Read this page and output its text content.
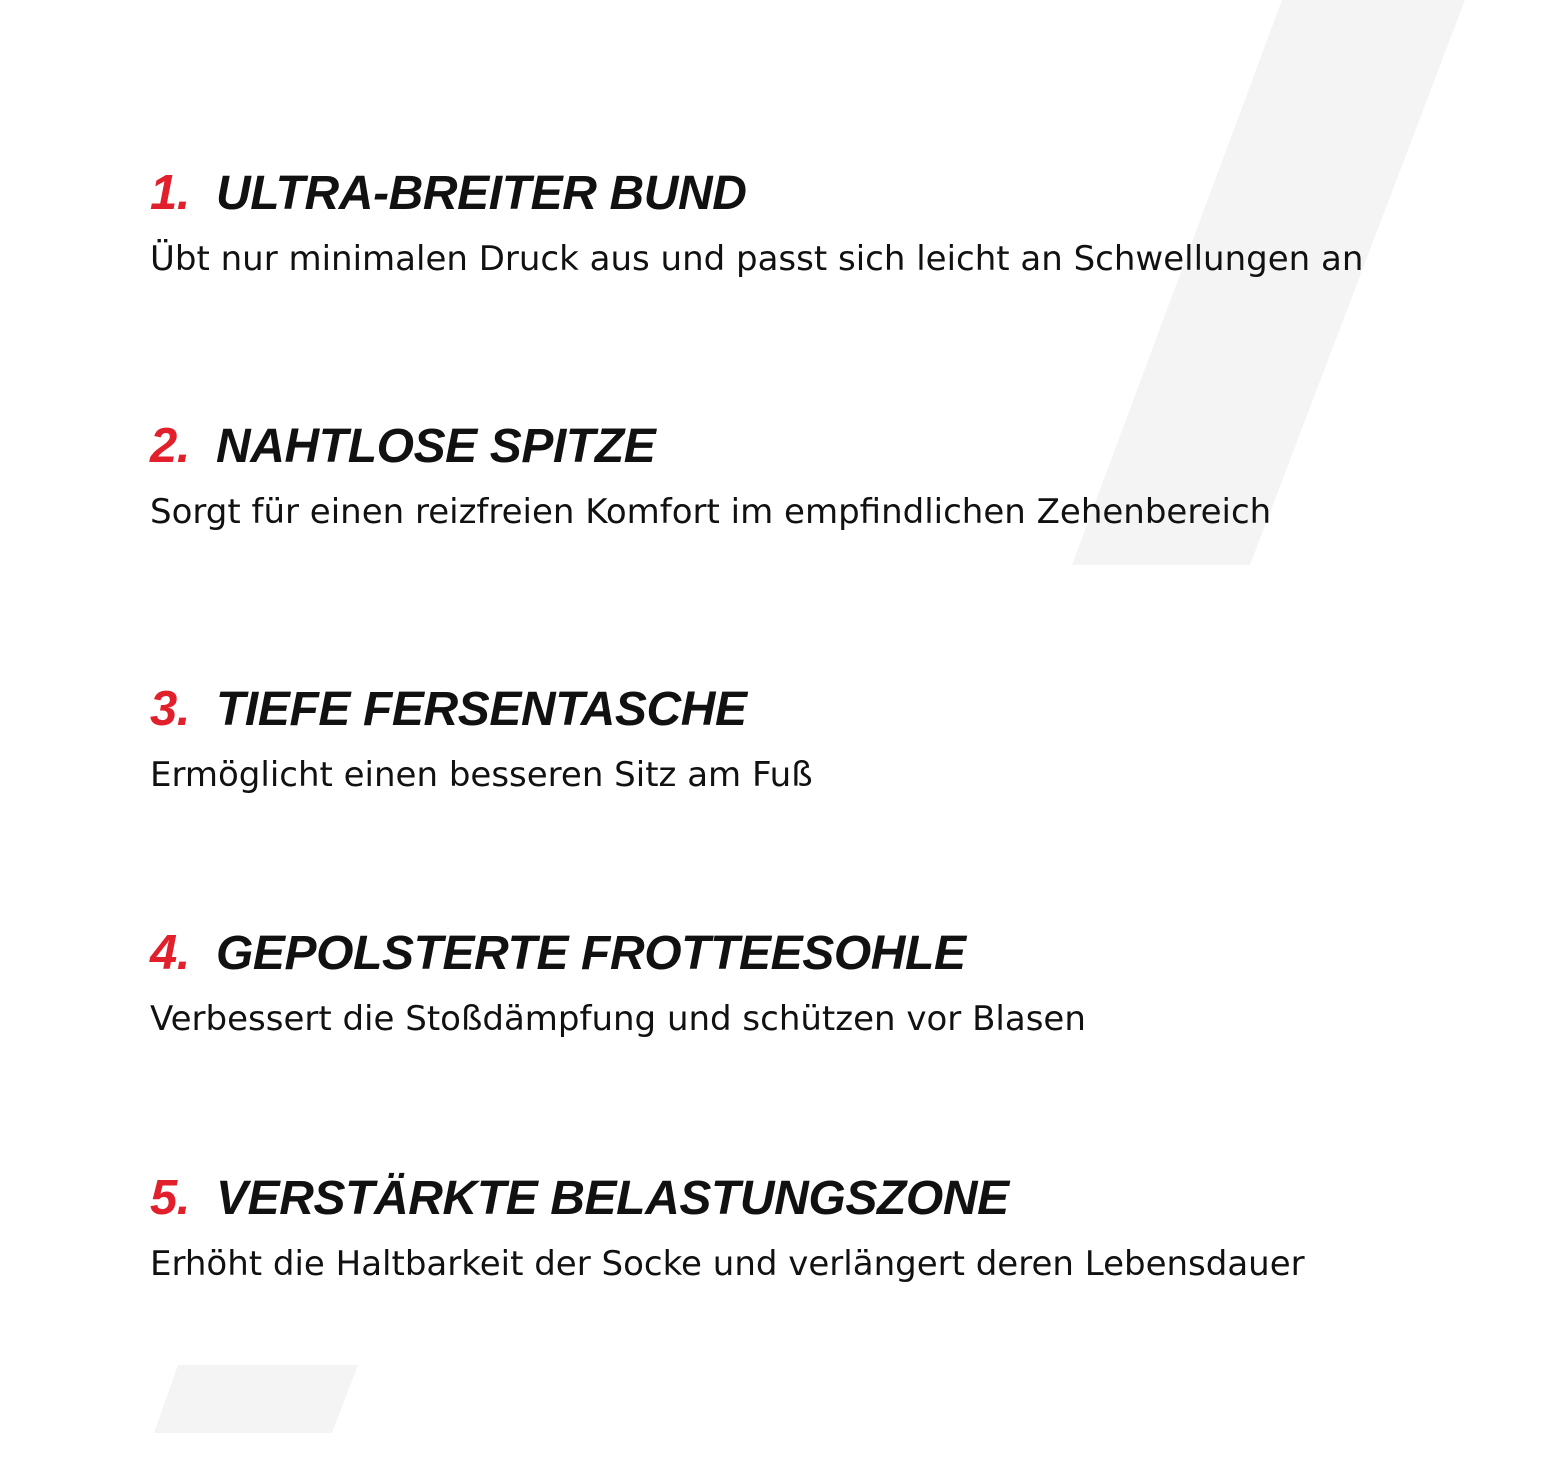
1. ULTRA-BREITER BUND

Übt nur minimalen Druck aus und passt sich leicht an Schwellungen an

2. NAHTLOSE SPITZE

Sorgt für einen reizfreien Komfort im empfindlichen Zehenbereich

3. TIEFE FERSENTASCHE

Ermöglicht einen besseren Sitz am Fuß

4. GEPOLSTERTE FROTTEESOHLE

Verbessert die Stoßdämpfung und schützen vor Blasen

5. VERSTÄRKTE BELASTUNGSZONE

Erhöht die Haltbarkeit der Socke und verlängert deren Lebensdauer
